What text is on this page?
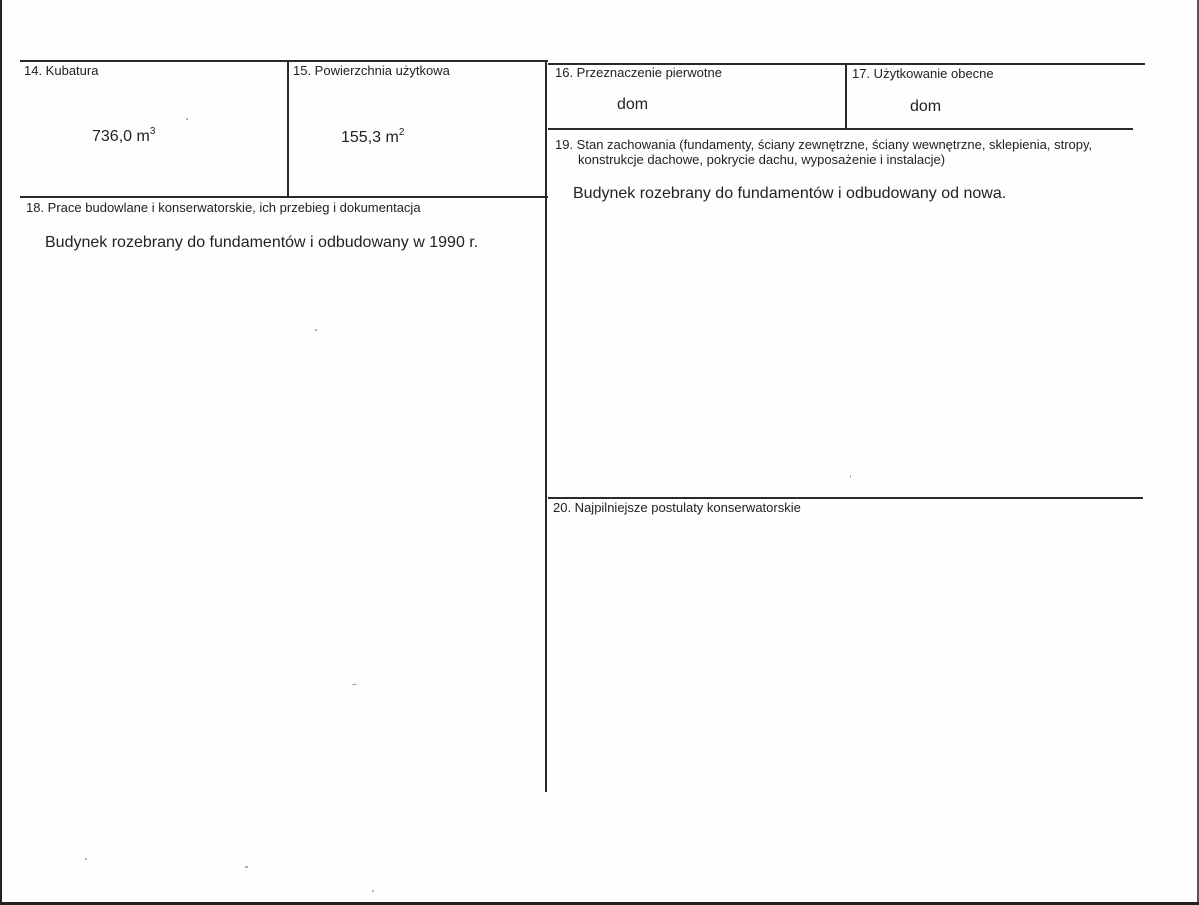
14. Kubatura
736,0 $m^3$
15. Powierzchnia użytkowa
155,3 $m^2$
16. Przeznaczenie pierwotne
dom
17. Użytkowanie obecne
dom
19. Stan zachowania (fundamenty, ściany zewnętrzne, ściany wewnętrzne, sklepienia, stropy,
konstrukcje dachowe, pokrycie dachu, wyposażenie i instalacje)
Budynek rozebrany do fundamentów i odbudowany od nowa.
18. Prace budowlane i konserwatorskie, ich przebieg i dokumentacja
Budynek rozebrany do fundamentów i odbudowany w 1990 r.
20. Najpilniejsze postulaty konserwatorskie
